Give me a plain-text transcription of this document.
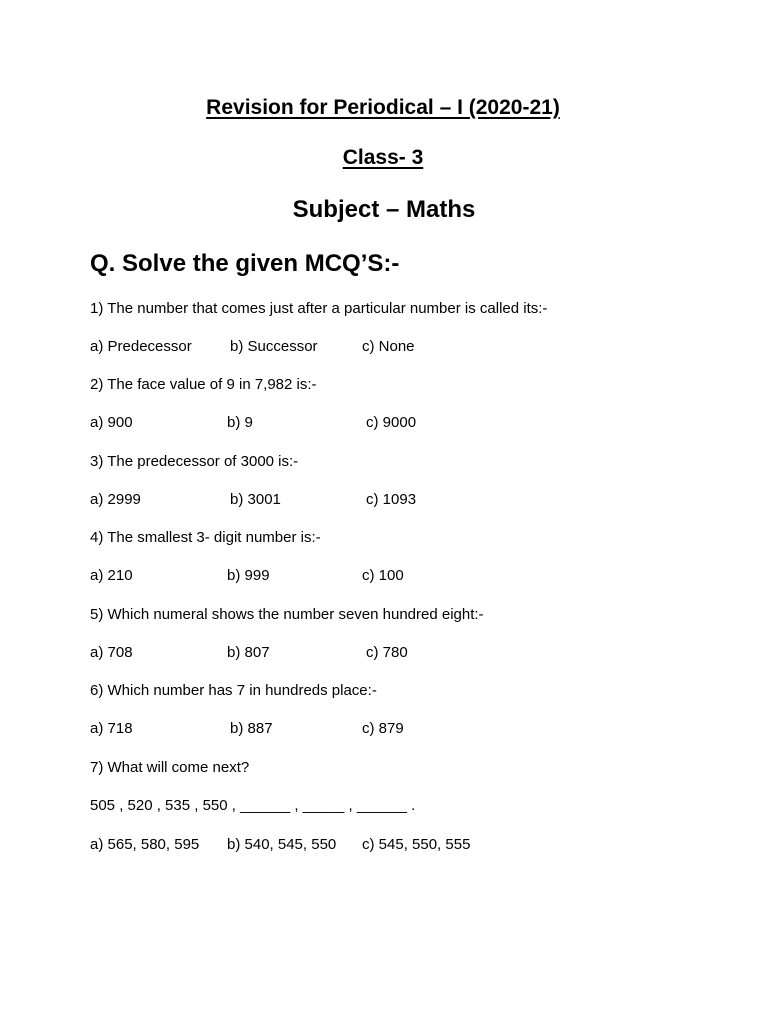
Revision for Periodical – I (2020-21)
Class- 3
Subject – Maths
Q. Solve the given MCQ’S:-
1) The number that comes just after a particular number is called its:-
a) Predecessor	b) Successor	c) None
2) The face value of 9 in 7,982 is:-
a) 900	b) 9	c) 9000
3) The predecessor of 3000 is:-
a) 2999	b) 3001	c) 1093
4) The smallest 3- digit number is:-
a) 210	b) 999	c) 100
5) Which numeral shows the number seven hundred eight:-
a) 708	b) 807	c) 780
6) Which number has 7 in hundreds place:-
a) 718	b) 887	c) 879
7) What will come next?
505 , 520 , 535 , 550 , ______ , _____ , ______ .
a) 565, 580, 595 b) 540, 545, 550 c) 545, 550, 555
